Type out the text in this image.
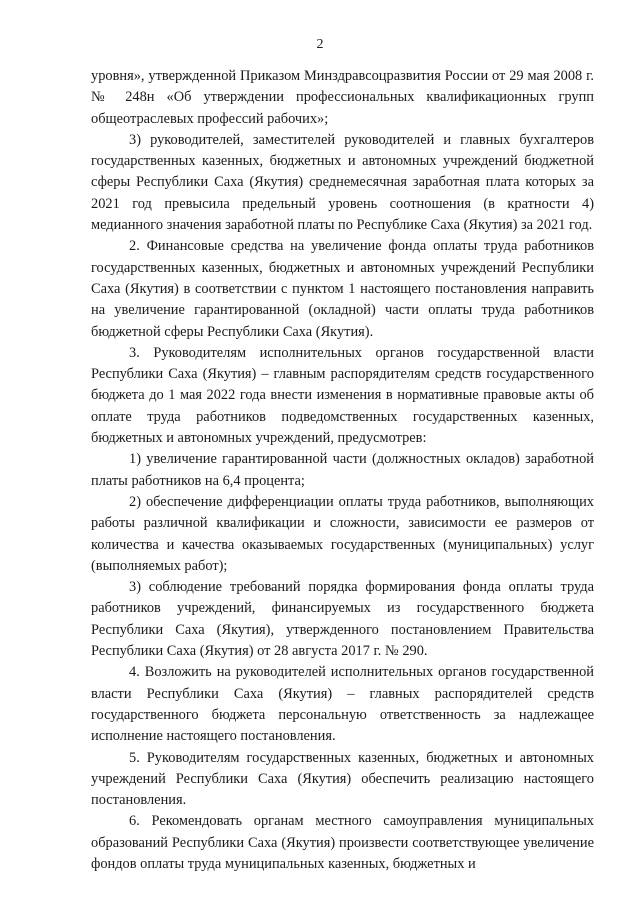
2

уровня», утвержденной Приказом Минздравсоцразвития России от 29 мая 2008 г. № 248н «Об утверждении профессиональных квалификационных групп общеотраслевых профессий рабочих»;

3) руководителей, заместителей руководителей и главных бухгалтеров государственных казенных, бюджетных и автономных учреждений бюджетной сферы Республики Саха (Якутия) среднемесячная заработная плата которых за 2021 год превысила предельный уровень соотношения (в кратности 4) медианного значения заработной платы по Республике Саха (Якутия) за 2021 год.

2. Финансовые средства на увеличение фонда оплаты труда работников государственных казенных, бюджетных и автономных учреждений Республики Саха (Якутия) в соответствии с пунктом 1 настоящего постановления направить на увеличение гарантированной (окладной) части оплаты труда работников бюджетной сферы Республики Саха (Якутия).

3. Руководителям исполнительных органов государственной власти Республики Саха (Якутия) – главным распорядителям средств государственного бюджета до 1 мая 2022 года внести изменения в нормативные правовые акты об оплате труда работников подведомственных государственных казенных, бюджетных и автономных учреждений, предусмотрев:

1) увеличение гарантированной части (должностных окладов) заработной платы работников на 6,4 процента;

2) обеспечение дифференциации оплаты труда работников, выполняющих работы различной квалификации и сложности, зависимости ее размеров от количества и качества оказываемых государственных (муниципальных) услуг (выполняемых работ);

3) соблюдение требований порядка формирования фонда оплаты труда работников учреждений, финансируемых из государственного бюджета Республики Саха (Якутия), утвержденного постановлением Правительства Республики Саха (Якутия) от 28 августа 2017 г. № 290.

4. Возложить на руководителей исполнительных органов государственной власти Республики Саха (Якутия) – главных распорядителей средств государственного бюджета персональную ответственность за надлежащее исполнение настоящего постановления.

5. Руководителям государственных казенных, бюджетных и автономных учреждений Республики Саха (Якутия) обеспечить реализацию настоящего постановления.

6. Рекомендовать органам местного самоуправления муниципальных образований Республики Саха (Якутия) произвести соответствующее увеличение фондов оплаты труда муниципальных казенных, бюджетных и
